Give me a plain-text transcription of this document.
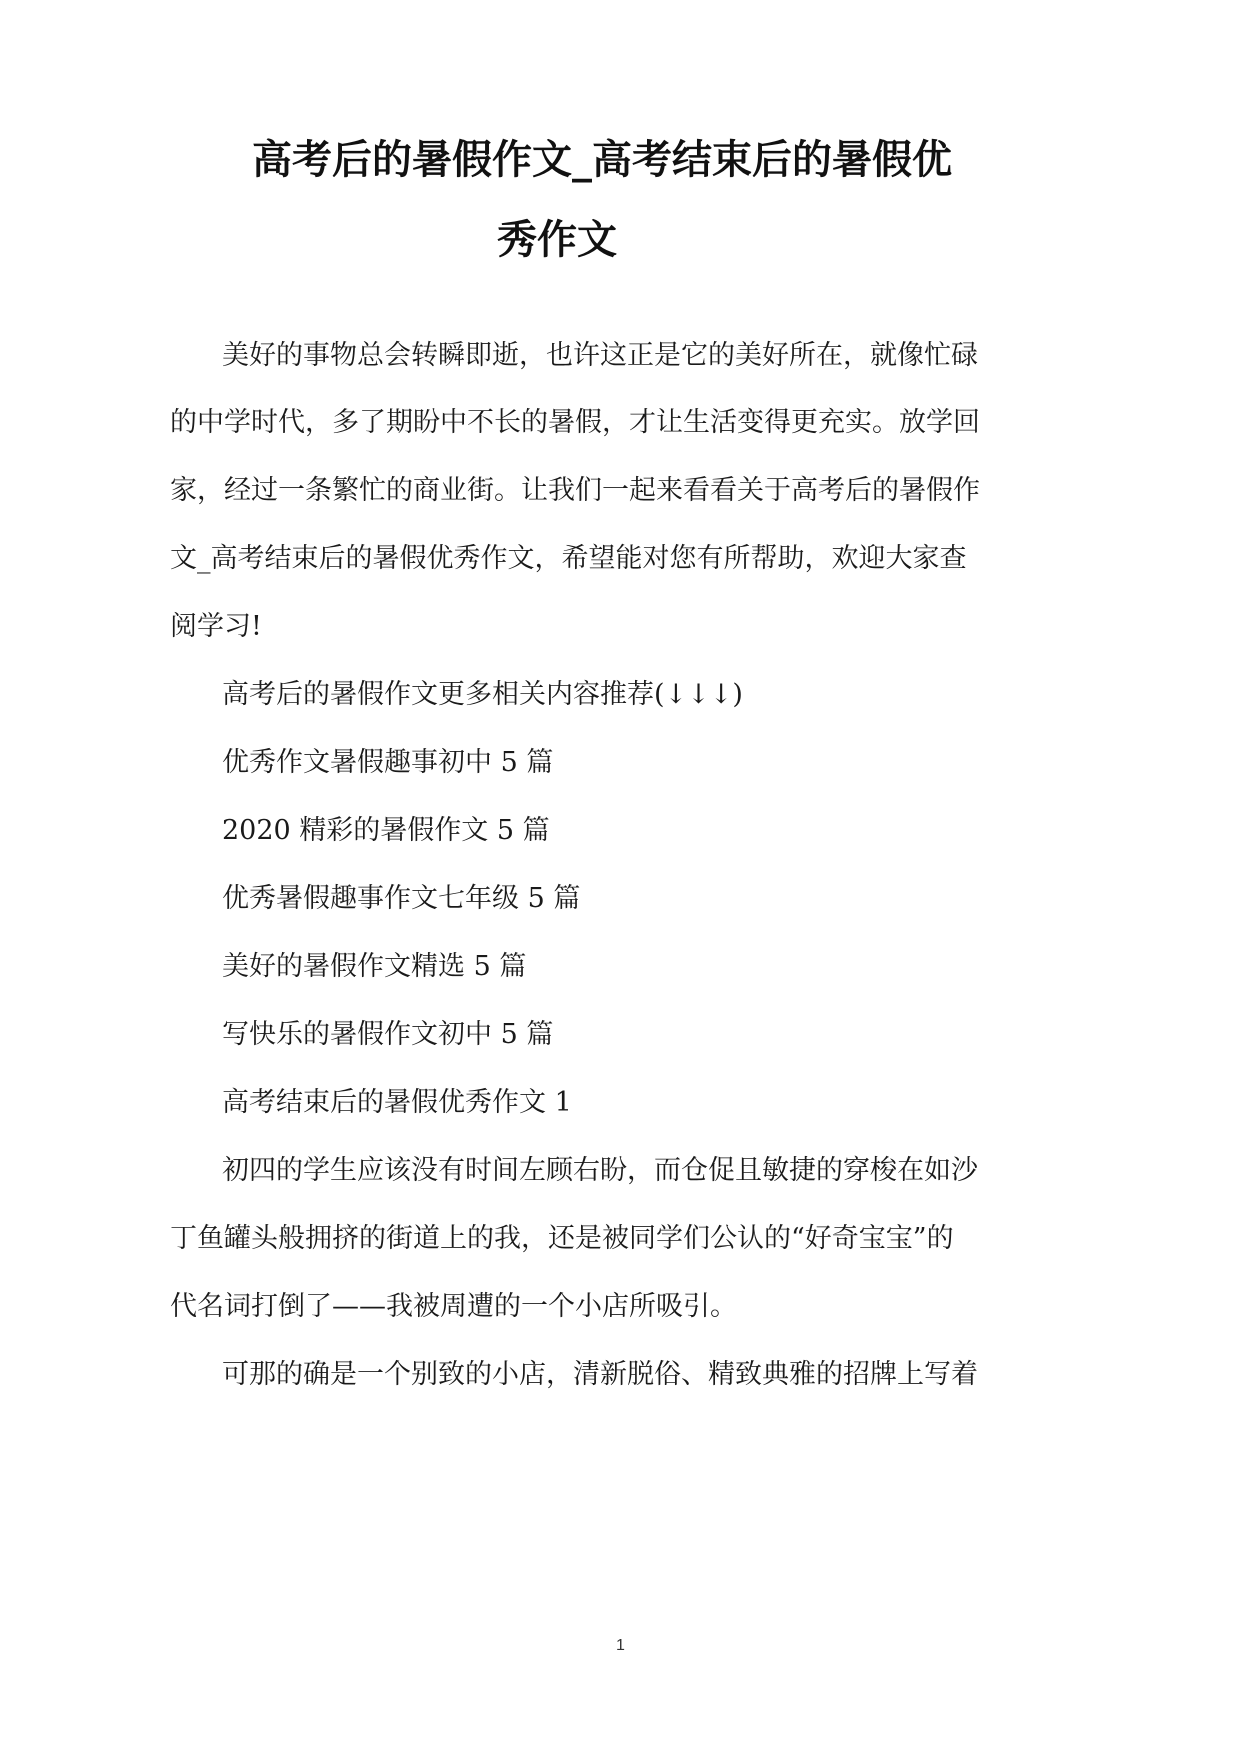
高考后的暑假作文_高考结束后的暑假优
秀作文
美好的事物总会转瞬即逝，也许这正是它的美好所在，就像忙碌
的中学时代，多了期盼中不长的暑假，才让生活变得更充实。放学回
家，经过一条繁忙的商业街。让我们一起来看看关于高考后的暑假作
文_高考结束后的暑假优秀作文，希望能对您有所帮助，欢迎大家查
阅学习!
高考后的暑假作文更多相关内容推荐(↓↓↓)
优秀作文暑假趣事初中 5 篇
2020 精彩的暑假作文 5 篇
优秀暑假趣事作文七年级 5 篇
美好的暑假作文精选 5 篇
写快乐的暑假作文初中 5 篇
高考结束后的暑假优秀作文 1
初四的学生应该没有时间左顾右盼，而仓促且敏捷的穿梭在如沙
丁鱼罐头般拥挤的街道上的我，还是被同学们公认的“好奇宝宝”的
代名词打倒了——我被周遭的一个小店所吸引。
可那的确是一个别致的小店，清新脱俗、精致典雅的招牌上写着
1
